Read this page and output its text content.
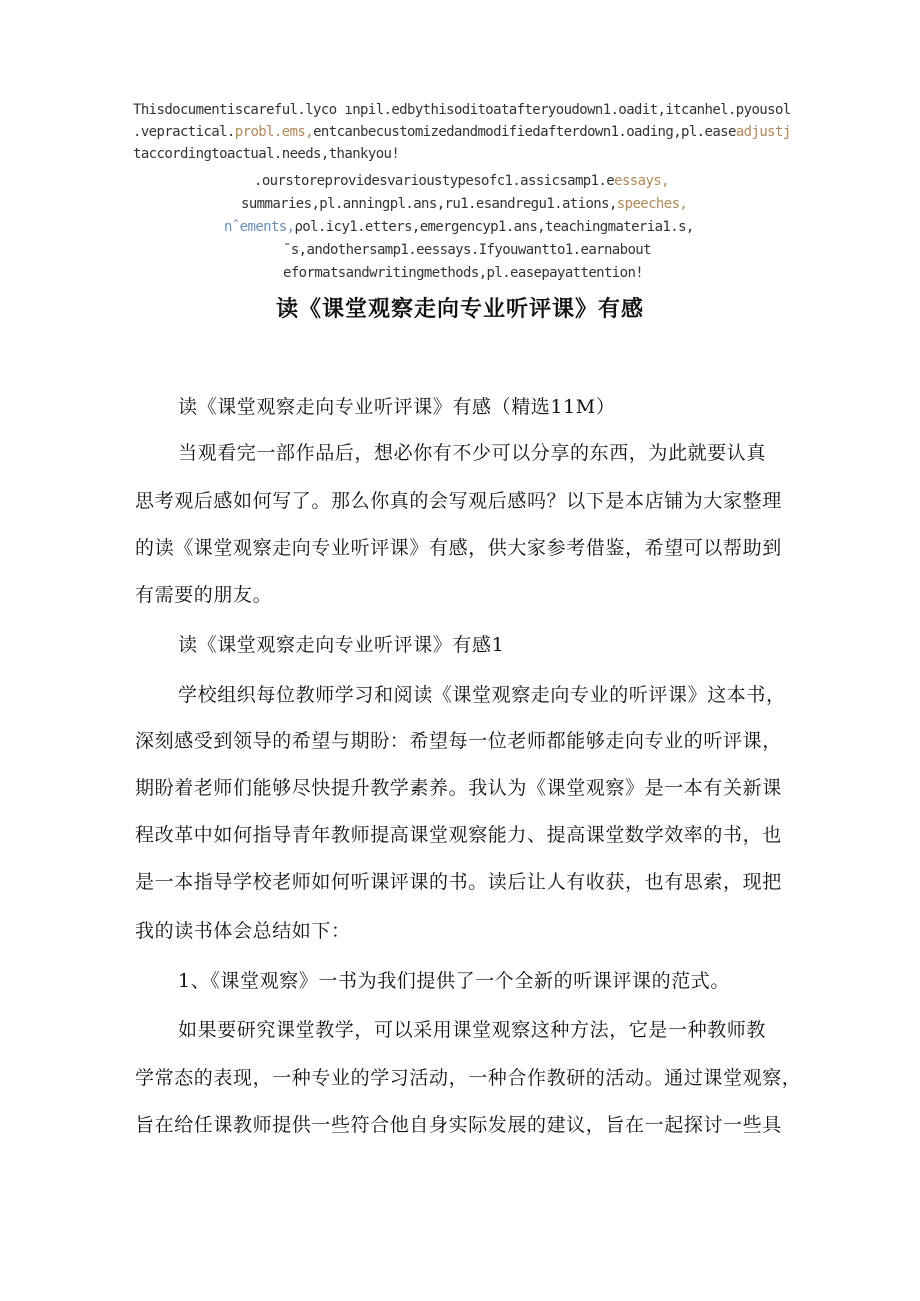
Thisdocumentiscareful.lyco ınpil.edbythisoditoatafteryoudown1.oadit,itcanhel.pyousol
.vepractical.probl.ems,entcanbecustomizedandmodifiedafterdown1.oading,pl.easeadjustj
taccordingtoactual.needs,thankyou!
.ourstoreprovidesvarioustypesofc1.assicsamp1.eessays,
summaries,pl.anningpl.ans,ru1.esandregu1.ations,speeches,
nˆements,ρol.icy1.etters,emergencyp1.ans,teachingmateria1.s,
¯s,andothersamp1.eessays.Ifyouwantto1.earnabout
eformatsandwritingmethods,pl.easepayattention!
读《课堂观察走向专业听评课》有感
读《课堂观察走向专业听评课》有感（精选11M）
当观看完一部作品后，想必你有不少可以分享的东西，为此就要认真
思考观后感如何写了。那么你真的会写观后感吗？以下是本店铺为大家整理
的读《课堂观察走向专业听评课》有感，供大家参考借鉴，希望可以帮助到
有需要的朋友。
读《课堂观察走向专业听评课》有感1
学校组织每位教师学习和阅读《课堂观察走向专业的听评课》这本书，
深刻感受到领导的希望与期盼：希望每一位老师都能够走向专业的听评课，
期盼着老师们能够尽快提升教学素养。我认为《课堂观察》是一本有关新课
程改革中如何指导青年教师提高课堂观察能力、提高课堂数学效率的书，也
是一本指导学校老师如何听课评课的书。读后让人有收获，也有思索，现把
我的读书体会总结如下：
1、《课堂观察》一书为我们提供了一个全新的听课评课的范式。
如果要研究课堂教学，可以采用课堂观察这种方法，它是一种教师教
学常态的表现，一种专业的学习活动，一种合作教研的活动。通过课堂观察，
旨在给任课教师提供一些符合他自身实际发展的建议，旨在一起探讨一些具
